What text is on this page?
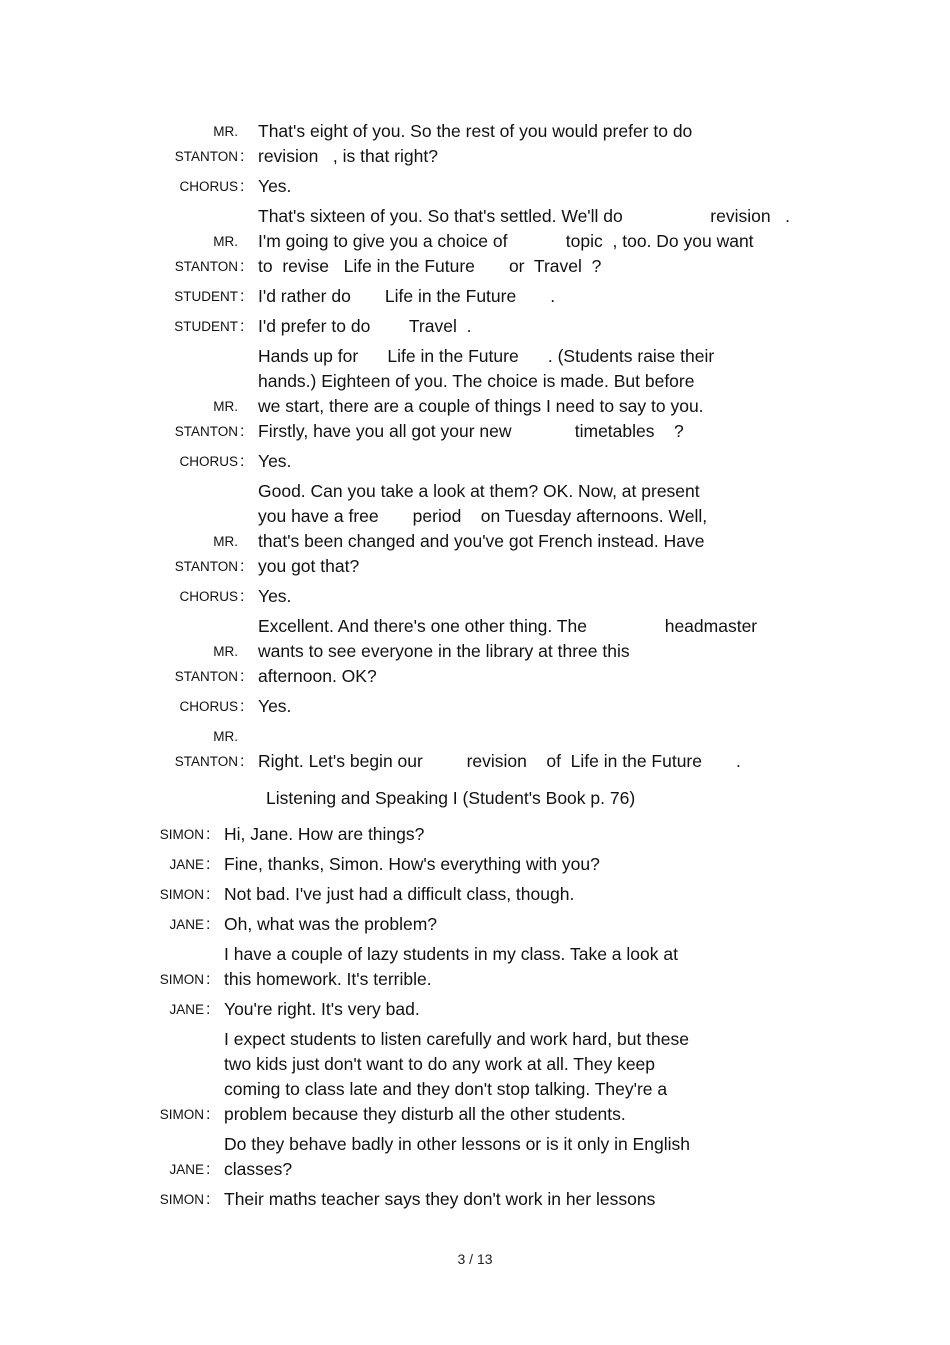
MR.
STANTON :
That's eight of you. So the rest of you would prefer to do
revision   , is that right?
CHORUS : Yes.
MR.
STANTON :
That's sixteen of you. So that's settled. We'll do                  revision   .
I'm going to give you a choice of            topic  , too. Do you want
to  revise   Life in the Future       or  Travel  ?
STUDENT : I'd rather do       Life in the Future       .
STUDENT : I'd prefer to do        Travel  .
MR.
STANTON :
Hands up for      Life in the Future      . (Students raise their
hands.) Eighteen of you. The choice is made. But before
we start, there are a couple of things I need to say to you.
Firstly, have you all got your new             timetables    ?
CHORUS : Yes.
MR.
STANTON :
Good. Can you take a look at them? OK. Now, at present
you have a free       period    on Tuesday afternoons. Well,
that's been changed and you've got French instead. Have
you got that?
CHORUS : Yes.
MR.
STANTON :
Excellent. And there's one other thing. The                headmaster
wants to see everyone in the library at three this
afternoon. OK?
CHORUS : Yes.
MR.
STANTON : Right. Let's begin our         revision    of  Life in the Future       .
Listening and Speaking I (Student's Book p. 76)
SIMON : Hi, Jane. How are things?
JANE : Fine, thanks, Simon. How's everything with you?
SIMON : Not bad. I've just had a difficult class, though.
JANE : Oh, what was the problem?
SIMON :
I have a couple of lazy students in my class. Take a look at
this homework. It's terrible.
JANE : You're right. It's very bad.
SIMON :
I expect students to listen carefully and work hard, but these
two kids just don't want to do any work at all. They keep
coming to class late and they don't stop talking. They're a
problem because they disturb all the other students.
JANE :
Do they behave badly in other lessons or is it only in English
classes?
SIMON : Their maths teacher says they don't work in her lessons
3 / 13
